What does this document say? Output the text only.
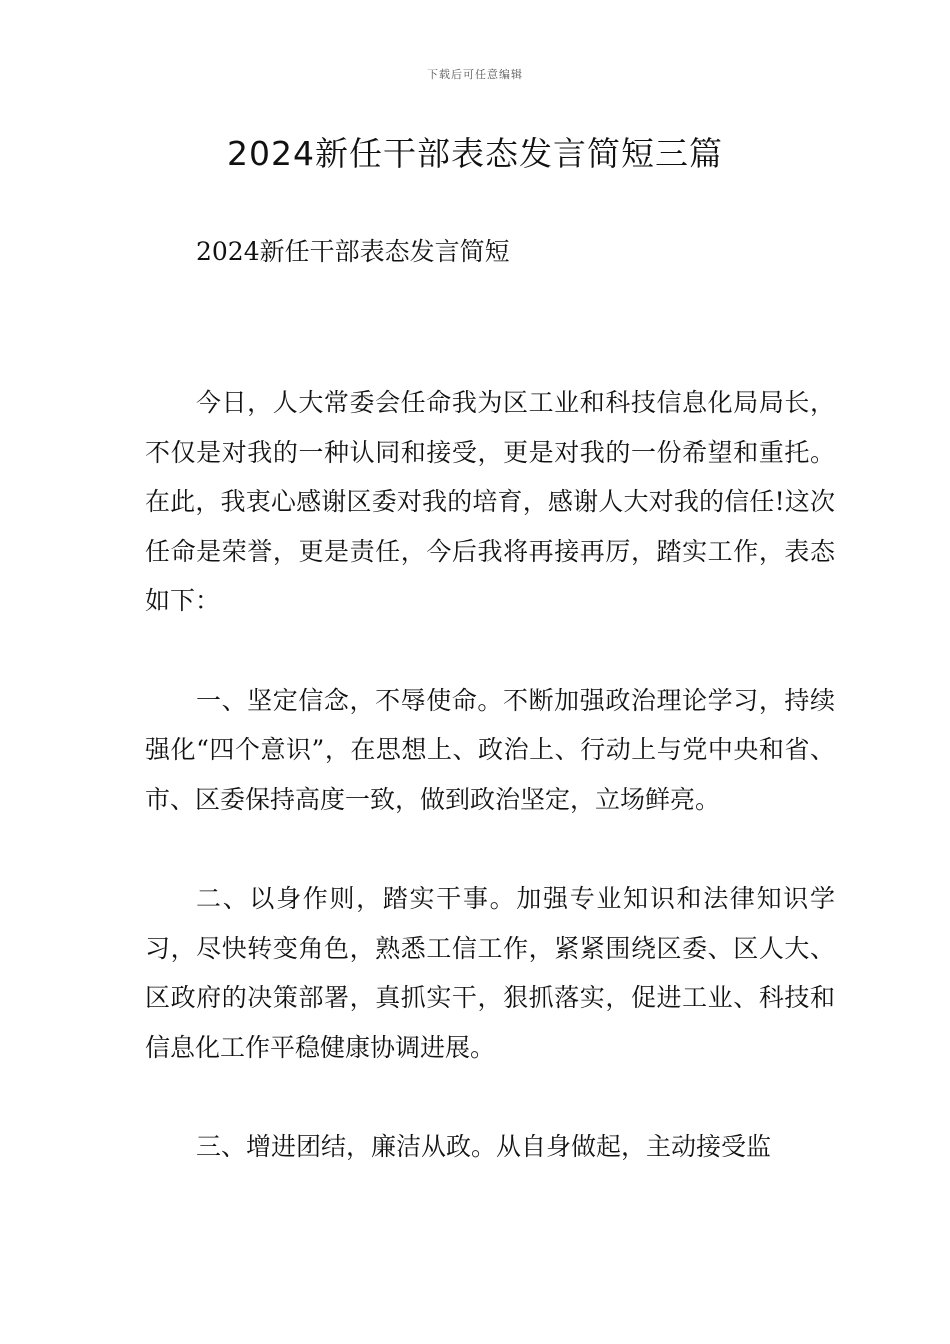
下载后可任意编辑
2024新任干部表态发言简短三篇
2024新任干部表态发言简短

今日，人大常委会任命我为区工业和科技信息化局局长，不仅是对我的一种认同和接受，更是对我的一份希望和重托。在此，我衷心感谢区委对我的培育，感谢人大对我的信任!这次任命是荣誉，更是责任，今后我将再接再厉，踏实工作，表态如下：

一、坚定信念，不辱使命。不断加强政治理论学习，持续强化“四个意识”，在思想上、政治上、行动上与党中央和省、市、区委保持高度一致，做到政治坚定，立场鲜亮。

二、以身作则，踏实干事。加强专业知识和法律知识学习，尽快转变角色，熟悉工信工作，紧紧围绕区委、区人大、区政府的决策部署，真抓实干，狠抓落实，促进工业、科技和信息化工作平稳健康协调进展。

三、增进团结，廉洁从政。从自身做起，主动接受监
